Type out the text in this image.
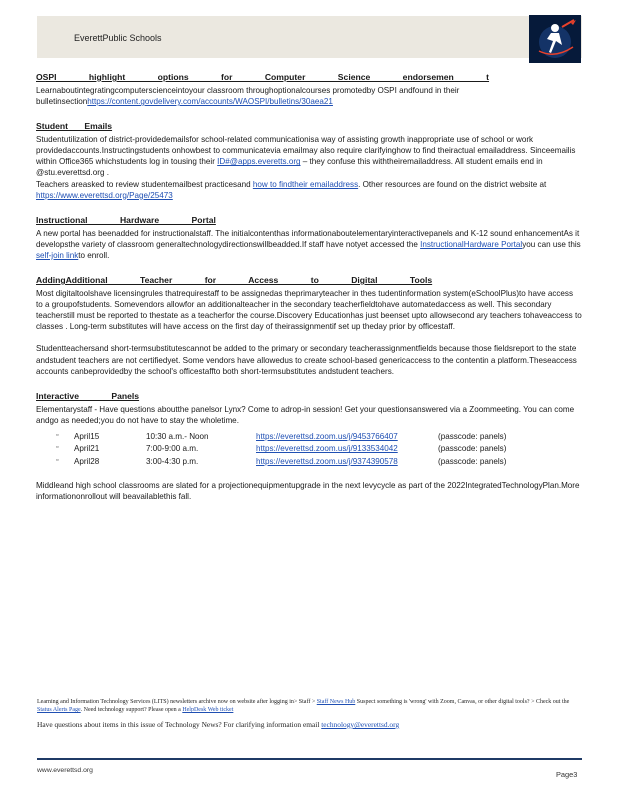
EverettPublic Schools
OSPI highlight options for Computer Science endorsemen t

Learnaboutintegratingcomputerscienceintoyour classroom throughoptionalcourses promotedby OSPI andfound in their bulletinsectionhttps://content.govdelivery.com/accounts/WAOSPI/bulletins/30aea21

Student Emails

Studentutilization of district-providedemailsfor school-related communicationisa way of assisting growth inappropriate use of school or work providedaccounts.Instructingstudents onhowbest to communicatevia emailmay also require clarifyinghow to find theiractual emailaddress. Sinceemailis within Office365 whichstudents log in tousing their ID#@apps.everetts.org – they confuse this withtheiremailaddress. All student emails end in @stu.everettsd.org .
Teachers areasked to review studentemailbest practicesand how to findtheir emailaddress. Other resources are found on the district website at https://www.everettsd.org/Page/25473

Instructional Hardware Portal

A new portal has beenadded for instructionalstaff. The initialcontenthas informationaboutelementaryinteractivepanels and K-12 sound enhancementAs it developsthe variety of classroom generaltechnologydirectionswillbeadded.If staff have notyet accessed the InstructionalHardware Portalyou can use this self-join linkto enroll.

AddingAdditional Teacher for Access to Digital Tools

Most digitaltoolshave licensingrules thatrequirestaff to be assignedas theprimaryteacher in thes tudentinformation system(eSchoolPlus)to have access to a groupofstudents. Somevendors allowfor an additionalteacher in the secondary teacherfieldtohave automatedaccess as well. This secondary teacherstill must be reported to thestate as a teacherfor the course.Discovery Educationhas just beenset upto allowsecond ary teachers tohaveaccess to classes . Long-term substitutes will have access on the first day of theirassignmentif set up theday prior by officestaff.

Studentteachersand short-termsubstitutescannot be added to the primary or secondary teacherassignmentfields because those fieldsreport to the state andstudent teachers are not certifiedyet. Some vendors have allowedus to create school-based genericaccess to the contentin a platform.Theseaccess accounts canbeprovidedby the school's officestaffto both short-termsubstitutes andstudent teachers.

Interactive Panels

Elementarystaff - Have questions aboutthe panelsor Lynx? Come to adrop-in session! Get your questionsanswered via a Zoommeeting. You can come andgo as needed;you do not have to stay the wholetime.

▫ April15	10:30 a.m.- Noon	https://everettsd.zoom.us/j/9453766407	(passcode: panels)
▫ April21	7:00-9:00 a.m.	https://everettsd.zoom.us/j/9133534042	(passcode: panels)
▫ April28	3:00-4:30 p.m.	https://everettsd.zoom.us/j/9374390578	(passcode: panels)

Middleand high school classrooms are slated for a projectionequipmentupgrade in the next levycycle as part of the 2022IntegratedTechnologyPlan.More informationonrollout will beavailablethis fall.

Learning and Information Technology Services (LITS) newsletters archive now on website after logging in> Staff > Staff News Hub Suspect something is 'wrong' with Zoom, Canvas, or other digital tools? > Check out the Status Alerts Page. Need technology support? Please open a HelpDesk Web ticket
Have questions about items in this issue of Technology News? For clarifying information email technology@everettsd.org
www.everettsd.org	Page3
